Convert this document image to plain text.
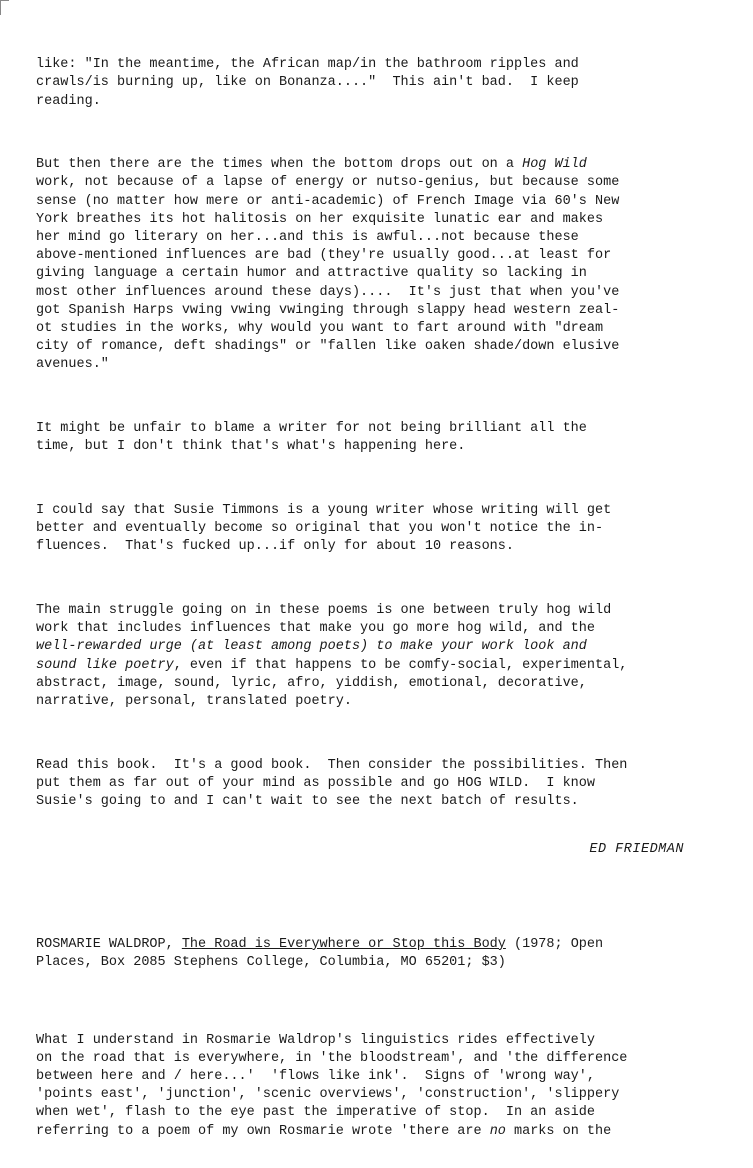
like: "In the meantime, the African map/in the bathroom ripples and
crawls/is burning up, like on Bonanza...."  This ain't bad.  I keep
reading.

But then there are the times when the bottom drops out on a Hog Wild
work, not because of a lapse of energy or nutso-genius, but because some
sense (no matter how mere or anti-academic) of French Image via 60's New
York breathes its hot halitosis on her exquisite lunatic ear and makes
her mind go literary on her...and this is awful...not because these
above-mentioned influences are bad (they're usually good...at least for
giving language a certain humor and attractive quality so lacking in
most other influences around these days)....  It's just that when you've
got Spanish Harps vwing vwing vwinging through slappy head western zeal-
ot studies in the works, why would you want to fart around with "dream
city of romance, deft shadings" or "fallen like oaken shade/down elusive
avenues."

It might be unfair to blame a writer for not being brilliant all the
time, but I don't think that's what's happening here.

I could say that Susie Timmons is a young writer whose writing will get
better and eventually become so original that you won't notice the in-
fluences.  That's fucked up...if only for about 10 reasons.

The main struggle going on in these poems is one between truly hog wild
work that includes influences that make you go more hog wild, and the
well-rewarded urge (at least among poets) to make your work look and
sound like poetry, even if that happens to be comfy-social, experimental,
abstract, image, sound, lyric, afro, yiddish, emotional, decorative,
narrative, personal, translated poetry.

Read this book.  It's a good book.  Then consider the possibilities. Then
put them as far out of your mind as possible and go HOG WILD.  I know
Susie's going to and I can't wait to see the next batch of results.

ED FRIEDMAN

ROSMARIE WALDROP, The Road is Everywhere or Stop this Body (1978; Open
Places, Box 2085 Stephens College, Columbia, MO 65201; $3)

What I understand in Rosmarie Waldrop's linguistics rides effectively
on the road that is everywhere, in 'the bloodstream', and 'the difference
between here and / here...'  'flows like ink'.  Signs of 'wrong way',
'points east', 'junction', 'scenic overviews', 'construction', 'slippery
when wet', flash to the eye past the imperative of stop.  In an aside
referring to a poem of my own Rosmarie wrote 'there are no marks on the
